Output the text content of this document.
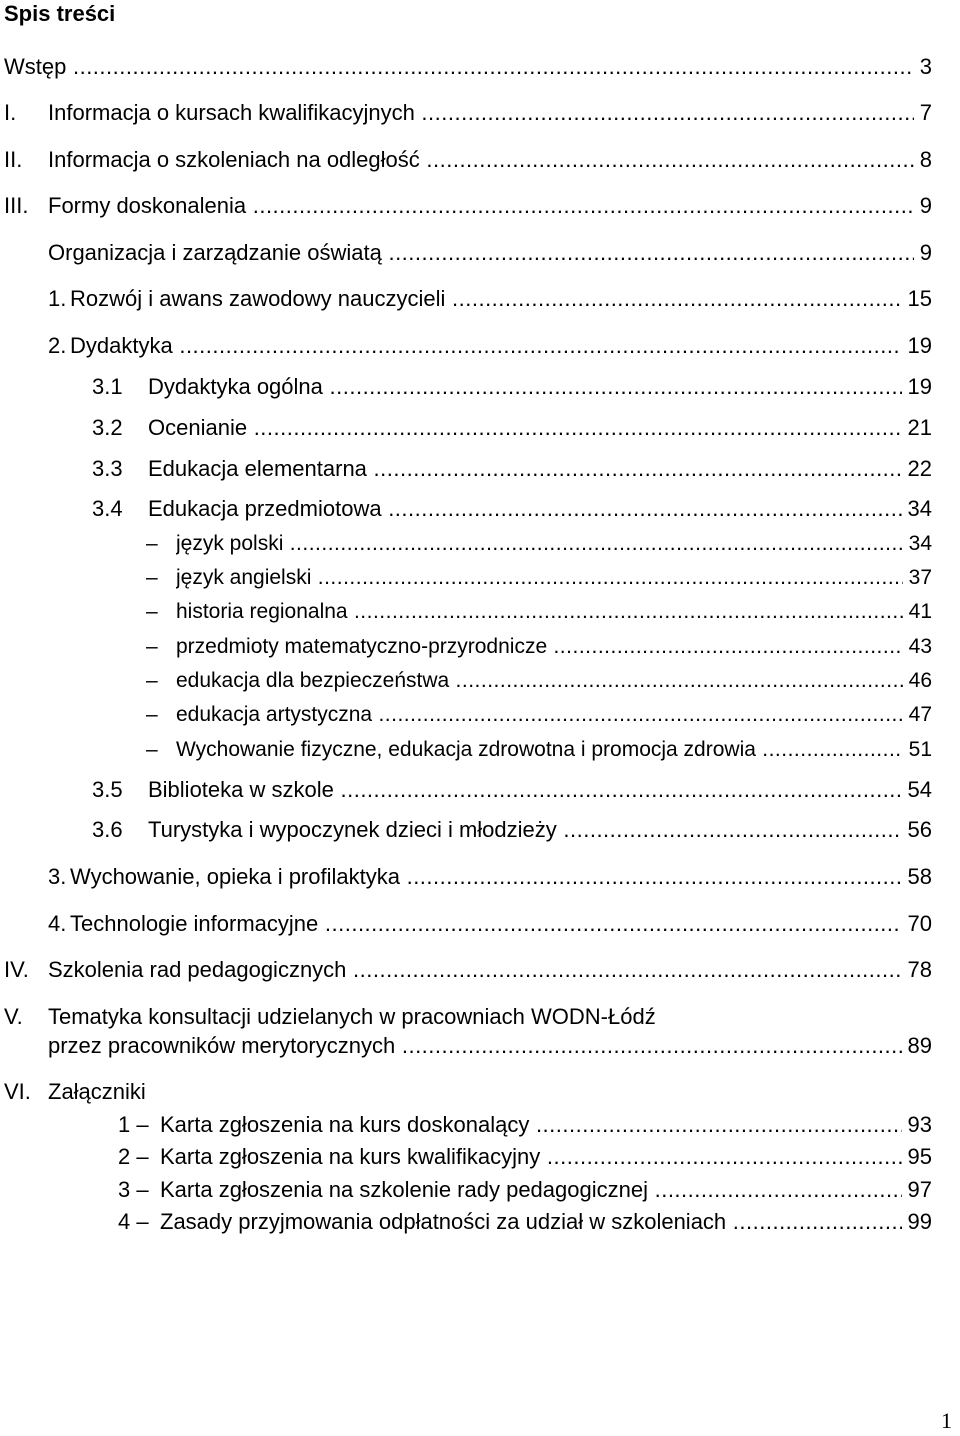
Spis treści
Wstęp .....	3
I. Informacja o kursach kwalifikacyjnych .....	7
II. Informacja o szkoleniach na odległość .....	8
III. Formy doskonalenia .....	9
Organizacja i zarządzanie oświatą .....	9
1. Rozwój i awans zawodowy nauczycieli .....	15
2. Dydaktyka .....	19
3.1 Dydaktyka ogólna .....	19
3.2 Ocenianie .....	21
3.3 Edukacja elementarna .....	22
3.4 Edukacja przedmiotowa .....	34
– język polski .....	34
– język angielski .....	37
– historia regionalna .....	41
– przedmioty matematyczno-przyrodnicze .....	43
– edukacja dla bezpieczeństwa .....	46
– edukacja artystyczna .....	47
– Wychowanie fizyczne, edukacja zdrowotna i promocja zdrowia .....	51
3.5 Biblioteka w szkole .....	54
3.6 Turystyka i wypoczynek dzieci i młodzieży .....	56
3. Wychowanie, opieka i profilaktyka .....	58
4. Technologie informacyjne .....	70
IV. Szkolenia rad pedagogicznych .....	78
V. Tematyka konsultacji udzielanych w pracowniach WODN-Łódź
przez pracowników merytorycznych .....	89
VI. Załączniki
1 – Karta zgłoszenia na kurs doskonalący .....	93
2 – Karta zgłoszenia na kurs kwalifikacyjny .....	95
3 – Karta zgłoszenia na szkolenie rady pedagogicznej .....	97
4 – Zasady przyjmowania odpłatności za udział w szkoleniach .....	99
1
